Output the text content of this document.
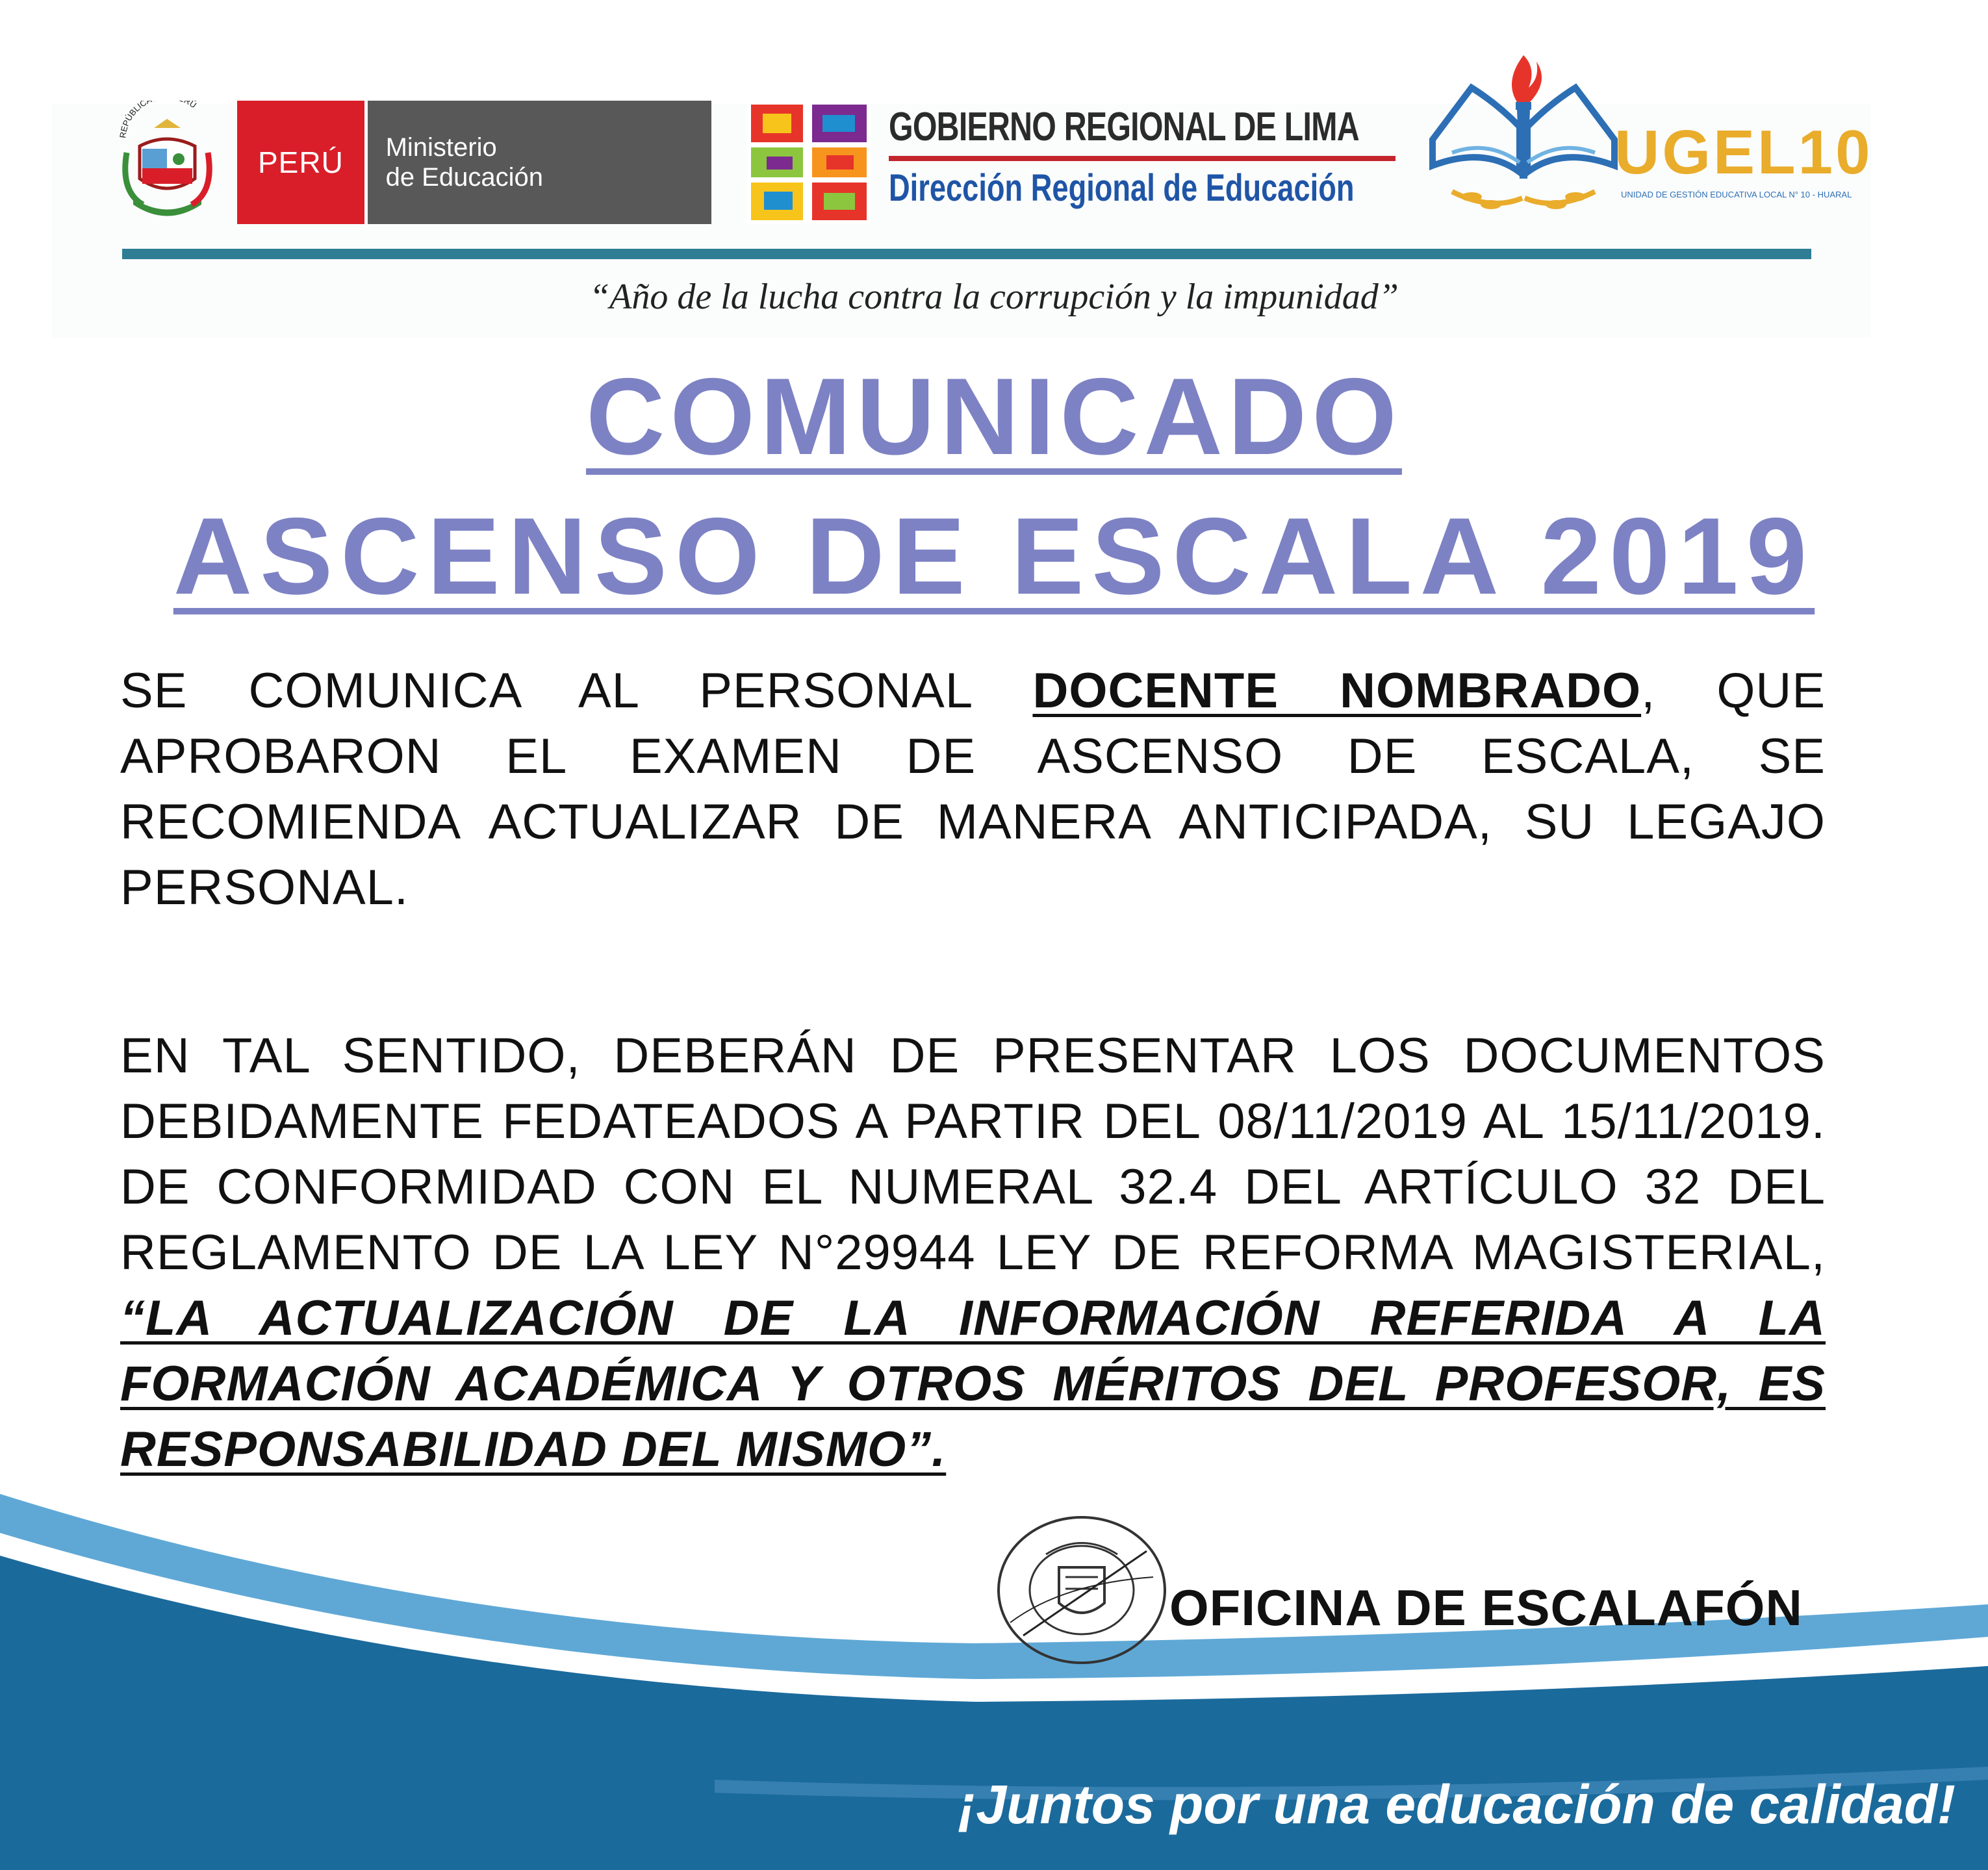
REPÚBLIC RÚ
PERÚ	Ministerio
de Educación
GOBIERNO REGIONAL DE LIMA
Dirección Regional de Educación
UGEL10
UNIDAD DE GESTIÓN EDUCATIVA LOCAL N° 10 - HUARAL
“Año de la lucha contra la corrupción y la impunidad”
COMUNICADO
ASCENSO DE ESCALA 2019
SE COMUNICA AL PERSONAL DOCENTE NOMBRADO, QUE APROBARON EL EXAMEN DE ASCENSO DE ESCALA, SE RECOMIENDA ACTUALIZAR DE MANERA ANTICIPADA, SU LEGAJO PERSONAL.
EN TAL SENTIDO, DEBERÁN DE PRESENTAR LOS DOCUMENTOS DEBIDAMENTE FEDATEADOS A PARTIR DEL 08/11/2019 AL 15/11/2019. DE CONFORMIDAD CON EL NUMERAL 32.4 DEL ARTÍCULO 32 DEL REGLAMENTO DE LA LEY N°29944 LEY DE REFORMA MAGISTERIAL, “LA ACTUALIZACIÓN DE LA INFORMACIÓN REFERIDA A LA FORMACIÓN ACADÉMICA Y OTROS MÉRITOS DEL PROFESOR, ES RESPONSABILIDAD DEL MISMO”.
OFICINA DE ESCALAFÓN
¡Juntos por una educación de calidad!
